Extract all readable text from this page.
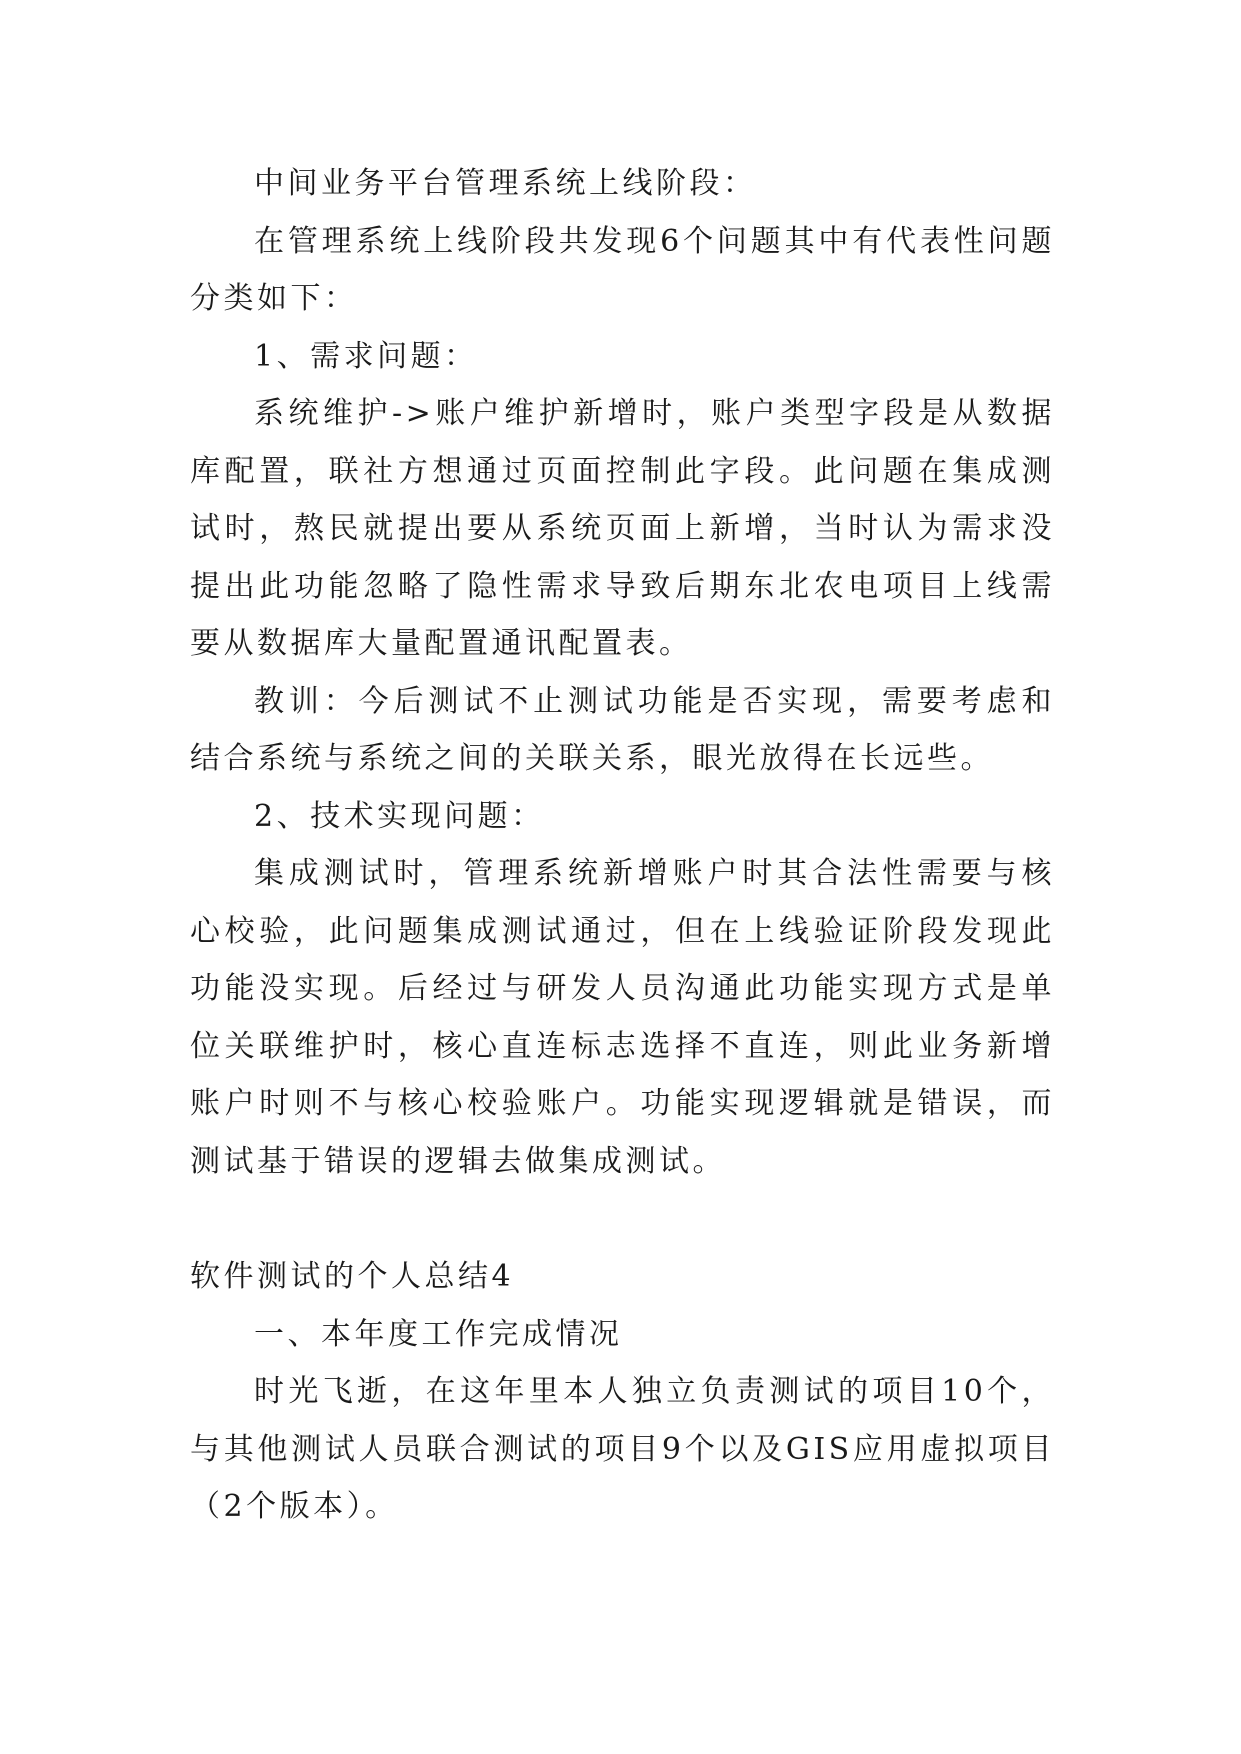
中间业务平台管理系统上线阶段：

在管理系统上线阶段共发现6个问题其中有代表性问题分类如下：

1、需求问题：

系统维护->账户维护新增时，账户类型字段是从数据库配置，联社方想通过页面控制此字段。此问题在集成测试时，熬民就提出要从系统页面上新增，当时认为需求没提出此功能忽略了隐性需求导致后期东北农电项目上线需要从数据库大量配置通讯配置表。

教训：今后测试不止测试功能是否实现，需要考虑和结合系统与系统之间的关联关系，眼光放得在长远些。

2、技术实现问题：

集成测试时，管理系统新增账户时其合法性需要与核心校验，此问题集成测试通过，但在上线验证阶段发现此功能没实现。后经过与研发人员沟通此功能实现方式是单位关联维护时，核心直连标志选择不直连，则此业务新增账户时则不与核心校验账户。功能实现逻辑就是错误，而测试基于错误的逻辑去做集成测试。

软件测试的个人总结4

一、本年度工作完成情况

时光飞逝，在这年里本人独立负责测试的项目10个，与其他测试人员联合测试的项目9个以及GIS应用虚拟项目（2个版本）。
